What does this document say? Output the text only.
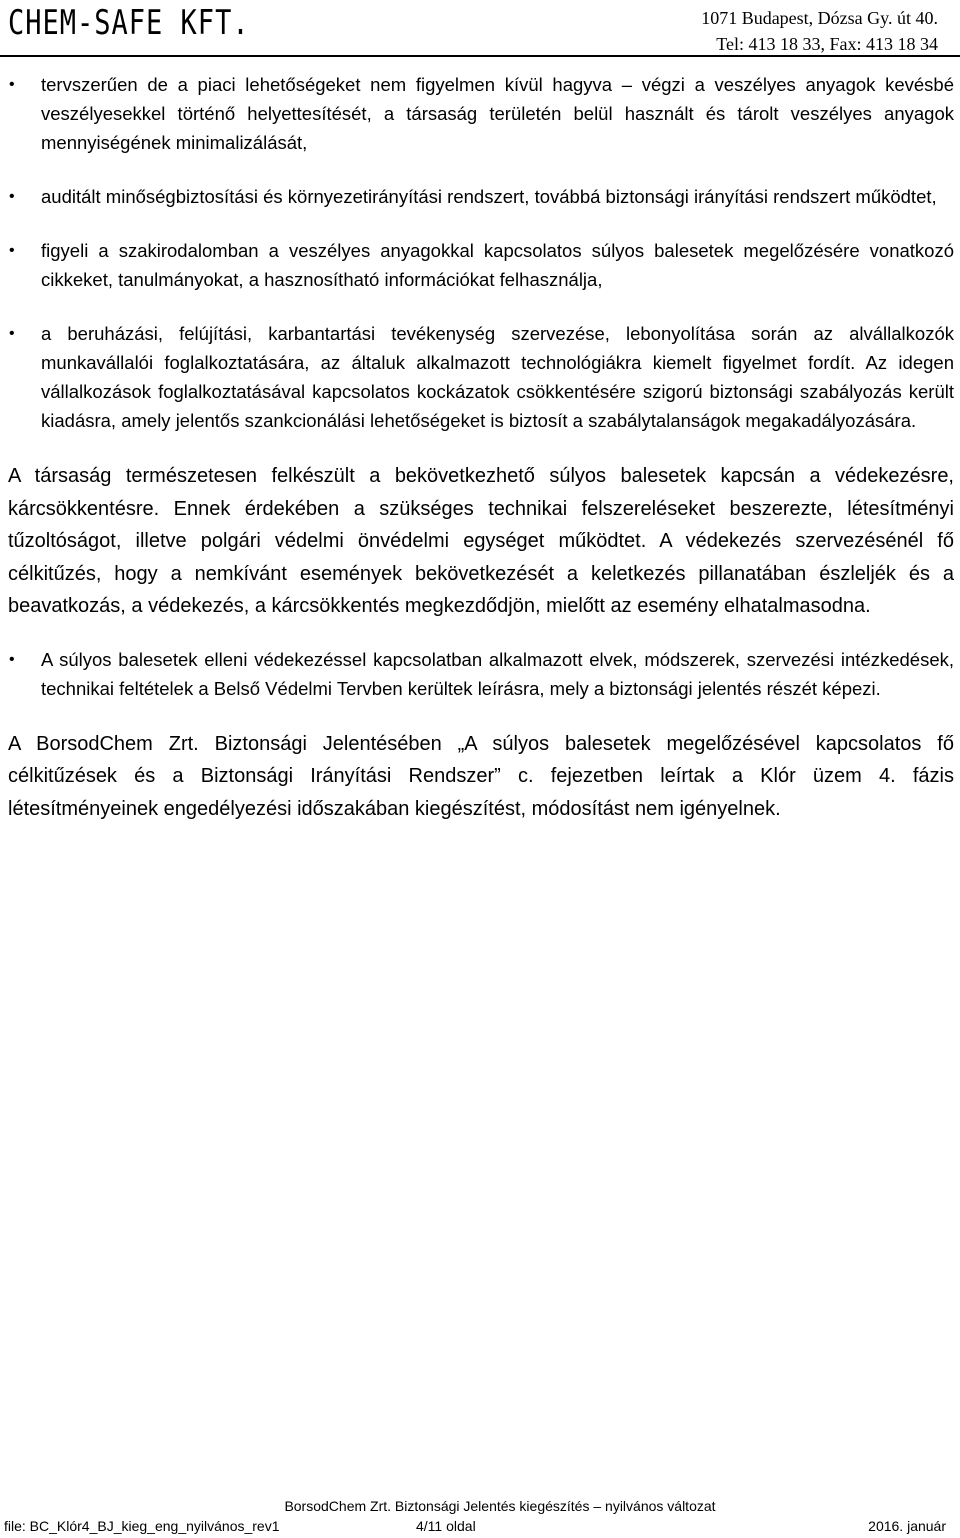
CHEM-SAFE KFT.	1071 Budapest, Dózsa Gy. út 40.
Tel: 413 18 33, Fax: 413 18 34
• tervszerűen de a piaci lehetőségeket nem figyelmen kívül hagyva – végzi a veszélyes anyagok kevésbé veszélyesekkel történő helyettesítését, a társaság területén belül használt és tárolt veszélyes anyagok mennyiségének minimalizálását,
• auditált minőségbiztosítási és környezetirányítási rendszert, továbbá biztonsági irányítási rendszert működtet,
• figyeli a szakirodalomban a veszélyes anyagokkal kapcsolatos súlyos balesetek megelőzésére vonatkozó cikkeket, tanulmányokat, a hasznosítható információkat felhasználja,
• a beruházási, felújítási, karbantartási tevékenység szervezése, lebonyolítása során az alvállalkozók munkavállalói foglalkoztatására, az általuk alkalmazott technológiákra kiemelt figyelmet fordít. Az idegen vállalkozások foglalkoztatásával kapcsolatos kockázatok csökkentésére szigorú biztonsági szabályozás került kiadásra, amely jelentős szankcionálási lehetőségeket is biztosít a szabálytalanságok megakadályozására.

A társaság természetesen felkészült a bekövetkezhető súlyos balesetek kapcsán a védekezésre, kárcsökkentésre. Ennek érdekében a szükséges technikai felszereléseket beszerezte, létesítményi tűzoltóságot, illetve polgári védelmi önvédelmi egységet működtet. A védekezés szervezésénél fő célkitűzés, hogy a nemkívánt események bekövetkezését a keletkezés pillanatában észleljék és a beavatkozás, a védekezés, a kárcsökkentés megkezdődjön, mielőtt az esemény elhatalmasodna.

• A súlyos balesetek elleni védekezéssel kapcsolatban alkalmazott elvek, módszerek, szervezési intézkedések, technikai feltételek a Belső Védelmi Tervben kerültek leírásra, mely a biztonsági jelentés részét képezi.

A BorsodChem Zrt. Biztonsági Jelentésében „A súlyos balesetek megelőzésével kapcsolatos fő célkitűzések és a Biztonsági Irányítási Rendszer” c. fejezetben leírtak a Klór üzem 4. fázis létesítményeinek engedélyezési időszakában kiegészítést, módosítást nem igényelnek.

BorsodChem Zrt. Biztonsági Jelentés kiegészítés – nyilvános változat
file: BC_Klór4_BJ_kieg_eng_nyilvános_rev1	4/11 oldal	2016. január
